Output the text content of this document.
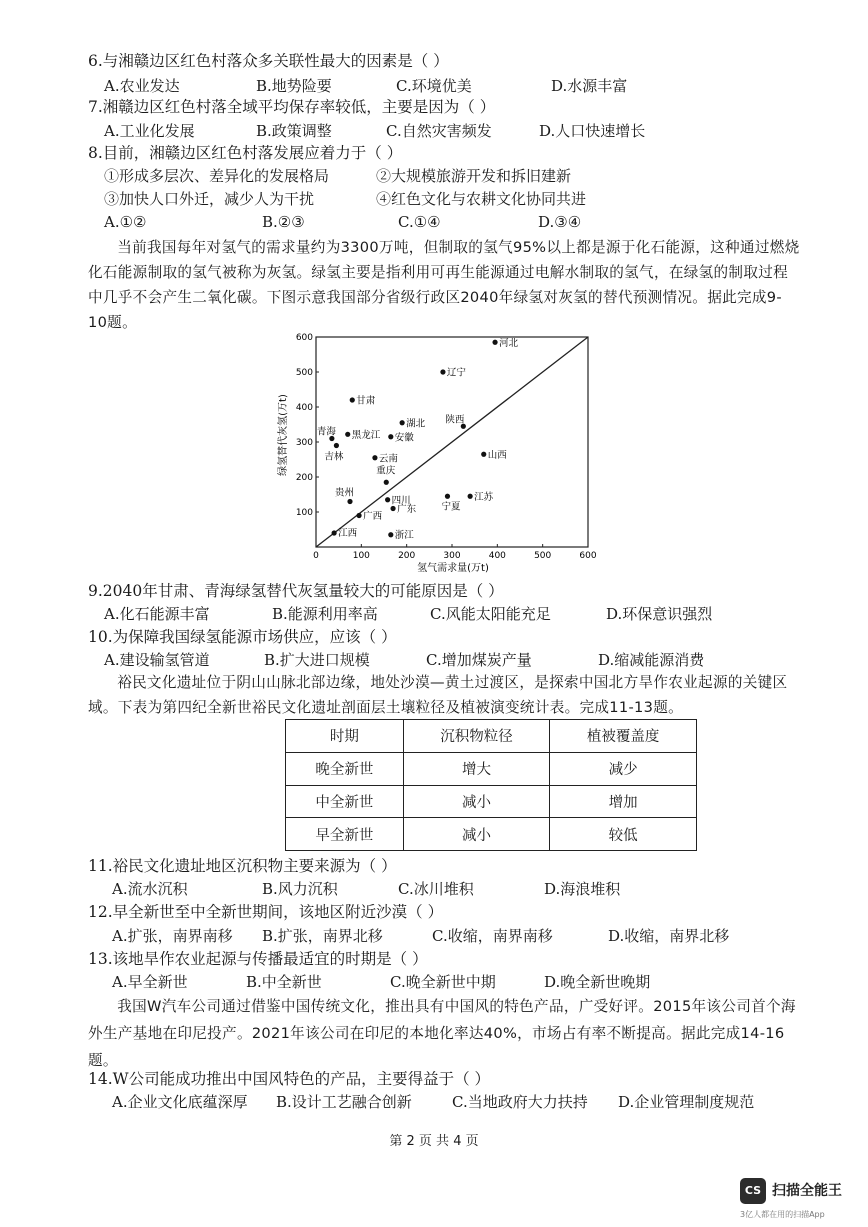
6.与湘赣边区红色村落众多关联性最大的因素是（ ）
A.农业发达	B.地势险要	C.环境优美	D.水源丰富
7.湘赣边区红色村落全域平均保存率较低，主要是因为（ ）
A.工业化发展	B.政策调整	C.自然灾害频发	D.人口快速增长
8.目前，湘赣边区红色村落发展应着力于（ ）
①形成多层次、差异化的发展格局	②大规模旅游开发和拆旧建新
③加快人口外迁，减少人为干扰	④红色文化与农耕文化协同共进
A.①②	B.②③	C.①④	D.③④
当前我国每年对氢气的需求量约为3300万吨，但制取的氢气95%以上都是源于化石能源，这种通过燃烧化石能源制取的氢气被称为灰氢。绿氢主要是指利用可再生能源通过电解水制取的氢气，在绿氢的制取过程中几乎不会产生二氧化碳。下图示意我国部分省级行政区2040年绿氢对灰氢的替代预测情况。据此完成9-10题。
0	100	200	300	400	500	600
100
200
300
400
500
600	河北
辽宁
甘肃
湖北 陕西
青海 黑龙江 安徽
吉林	山西
云南
重庆
贵州
四川
宁夏
江苏
广西
广东
江西	浙江
氢气需求量(万t)
绿氢替代灰氢(万t)
9.2040年甘肃、青海绿氢替代灰氢量较大的可能原因是（ ）
A.化石能源丰富	B.能源利用率高	C.风能太阳能充足	D.环保意识强烈
10.为保障我国绿氢能源市场供应，应该（ ）
A.建设输氢管道	B.扩大进口规模	C.增加煤炭产量	D.缩减能源消费
裕民文化遗址位于阴山山脉北部边缘，地处沙漠—黄土过渡区，是探索中国北方旱作农业起源的关键区域。下表为第四纪全新世裕民文化遗址剖面层土壤粒径及植被演变统计表。完成11-13题。
时期	沉积物粒径	植被覆盖度
晚全新世	增大	减少
中全新世	减小	增加
早全新世	减小	较低
11.裕民文化遗址地区沉积物主要来源为（ ）
A.流水沉积	B.风力沉积	C.冰川堆积	D.海浪堆积
12.早全新世至中全新世期间，该地区附近沙漠（ ）
A.扩张，南界南移 B.扩张，南界北移	C.收缩，南界南移	D.收缩，南界北移
13.该地旱作农业起源与传播最适宜的时期是（ ）
A.早全新世	B.中全新世	C.晚全新世中期	D.晚全新世晚期
我国W汽车公司通过借鉴中国传统文化，推出具有中国风的特色产品，广受好评。2015年该公司首个海外生产基地在印尼投产。2021年该公司在印尼的本地化率达40%，市场占有率不断提高。据此完成14-16题。
14.W公司能成功推出中国风特色的产品，主要得益于（ ）
A.企业文化底蕴深厚 B.设计工艺融合创新	C.当地政府大力扶持 D.企业管理制度规范
第 2 页 共 4 页
CS 扫描全能王
3亿人都在用的扫描App
